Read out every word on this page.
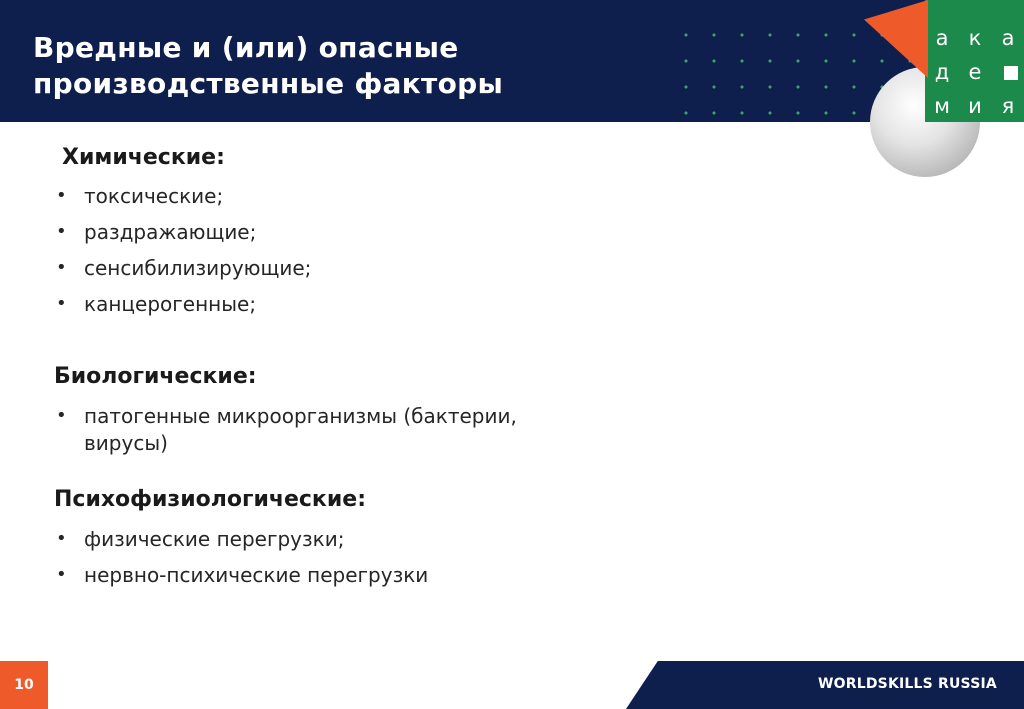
Вредные и (или) опасные
производственные факторы
а к а
д е
м и я
Химические:
• токсические;
• раздражающие;
• сенсибилизирующие;
• канцерогенные;
Биологические:
• патогенные микроорганизмы (бактерии,
вирусы)
Психофизиологические:
• физические перегрузки;
• нервно-психические перегрузки
10	WORLDSKILLS RUSSIA
